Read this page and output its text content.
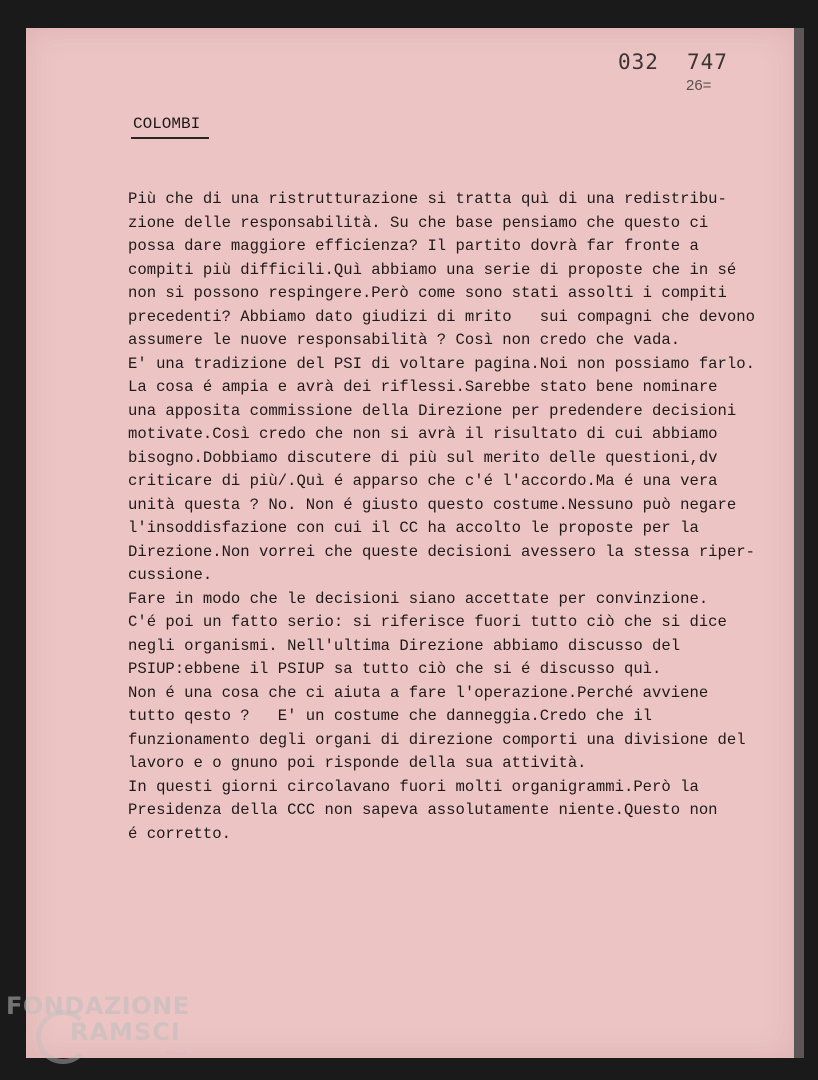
032 747
26=
COLOMBI
Più che di una ristrutturazione si tratta quì di una redistribu-
zione delle responsabilità. Su che base pensiamo che questo ci
possa dare maggiore efficienza? Il partito dovrà far fronte a
compiti più difficili.Quì abbiamo una serie di proposte che in sé
non si possono respingere.Però come sono stati assolti i compiti
precedenti? Abbiamo dato giudizi di mrito   sui compagni che devono
assumere le nuove responsabilità ? Così non credo che vada.
E' una tradizione del PSI di voltare pagina.Noi non possiamo farlo.
La cosa é ampia e avrà dei riflessi.Sarebbe stato bene nominare
una apposita commissione della Direzione per predendere decisioni
motivate.Così credo che non si avrà il risultato di cui abbiamo
bisogno.Dobbiamo discutere di più sul merito delle questioni,dv
criticare di più/.Quì é apparso che c'é l'accordo.Ma é una vera
unità questa ? No. Non é giusto questo costume.Nessuno può negare
l'insoddisfazione con cui il CC ha accolto le proposte per la
Direzione.Non vorrei che queste decisioni avessero la stessa riper-
cussione.
Fare in modo che le decisioni siano accettate per convinzione.
C'é poi un fatto serio: si riferisce fuori tutto ciò che si dice
negli organismi. Nell'ultima Direzione abbiamo discusso del
PSIUP:ebbene il PSIUP sa tutto ciò che si é discusso quì.
Non é una cosa che ci aiuta a fare l'operazione.Perché avviene
tutto qesto ?   E' un costume che danneggia.Credo che il
funzionamento degli organi di direzione comporti una divisione del
lavoro e o gnuno poi risponde della sua attività.
In questi giorni circolavano fuori molti organigrammi.Però la
Presidenza della CCC non sapeva assolutamente niente.Questo non
é corretto.
FONDAZIONE
RAMSCI
onlus
